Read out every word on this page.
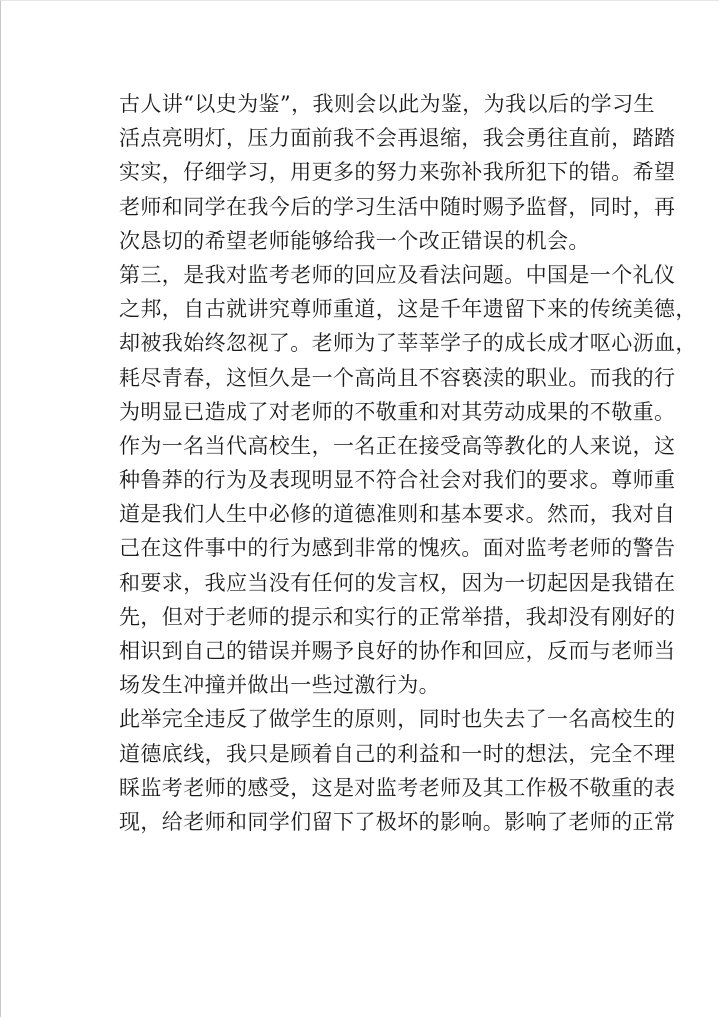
古人讲“以史为鉴”，我则会以此为鉴，为我以后的学习生
活点亮明灯，压力面前我不会再退缩，我会勇往直前，踏踏
实实，仔细学习，用更多的努力来弥补我所犯下的错。希望
老师和同学在我今后的学习生活中随时赐予监督，同时，再
次恳切的希望老师能够给我一个改正错误的机会。
第三，是我对监考老师的回应及看法问题。中国是一个礼仪
之邦，自古就讲究尊师重道，这是千年遗留下来的传统美德，
却被我始终忽视了。老师为了莘莘学子的成长成才呕心沥血，
耗尽青春，这恒久是一个高尚且不容亵渎的职业。而我的行
为明显已造成了对老师的不敬重和对其劳动成果的不敬重。
作为一名当代高校生，一名正在接受高等教化的人来说，这
种鲁莽的行为及表现明显不符合社会对我们的要求。尊师重
道是我们人生中必修的道德准则和基本要求。然而，我对自
己在这件事中的行为感到非常的愧疚。面对监考老师的警告
和要求，我应当没有任何的发言权，因为一切起因是我错在
先，但对于老师的提示和实行的正常举措，我却没有刚好的
相识到自己的错误并赐予良好的协作和回应，反而与老师当
场发生冲撞并做出一些过激行为。
此举完全违反了做学生的原则，同时也失去了一名高校生的
道德底线，我只是顾着自己的利益和一时的想法，完全不理
睬监考老师的感受，这是对监考老师及其工作极不敬重的表
现，给老师和同学们留下了极坏的影响。影响了老师的正常
